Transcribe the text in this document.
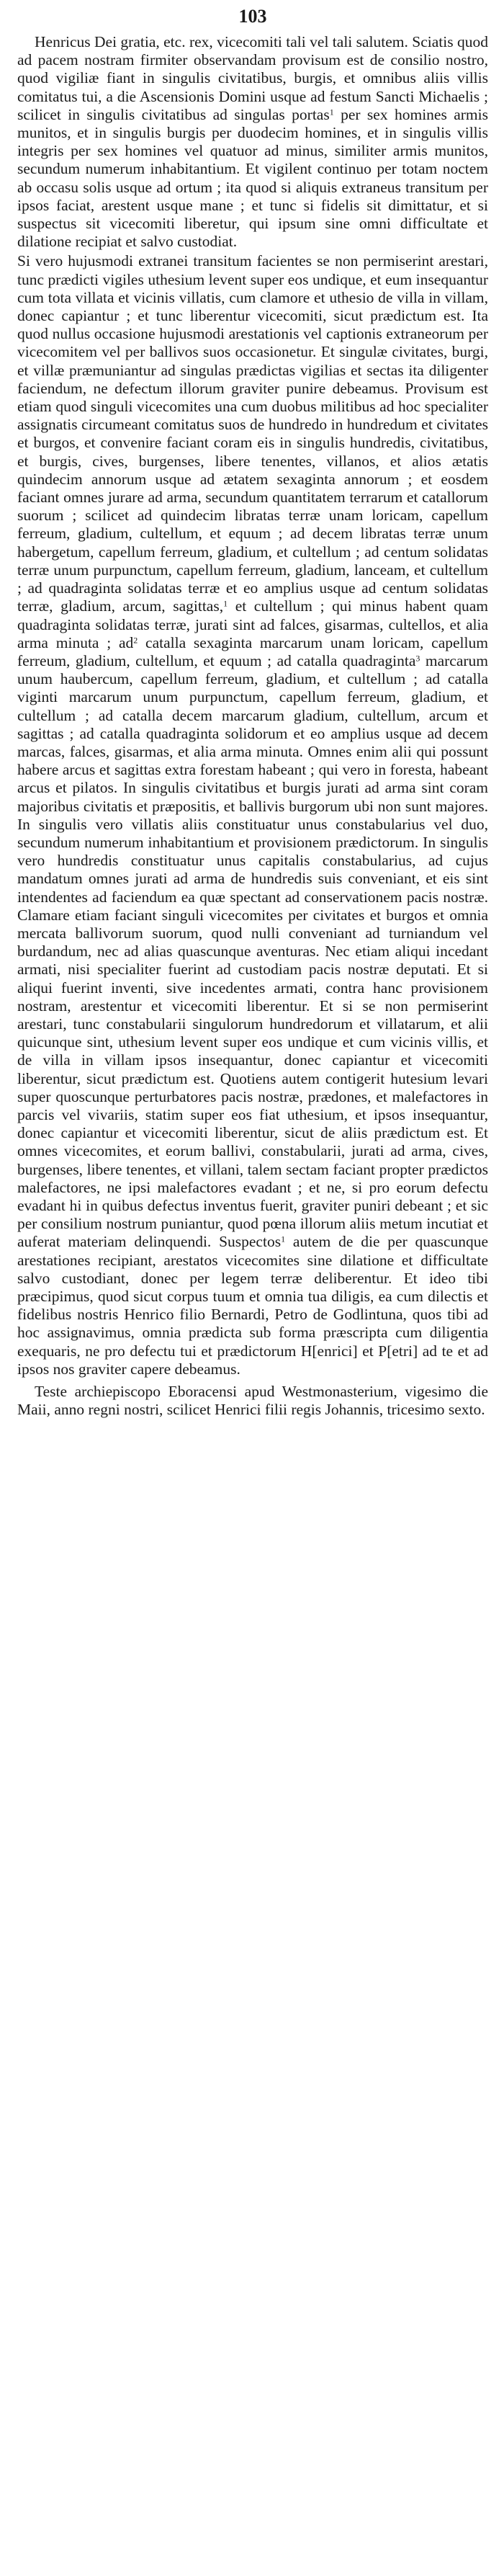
103

Henricus Dei gratia, etc. rex, vicecomiti tali vel tali salutem. Sciatis quod ad pacem nostram firmiter observandam provisum est de consilio nostro, quod vigiliæ fiant in singulis civitatibus, burgis, et omnibus aliis villis comitatus tui, a die Ascensionis Domini usque ad festum Sancti Michaelis ; scilicet in singulis civitatibus ad singulas portas$^1$ per sex homines armis munitos, et in singulis burgis per duodecim homines, et in singulis villis integris per sex homines vel quatuor ad minus, similiter armis munitos, secundum numerum inhabitantium. Et vigilent continuo per totam noctem ab occasu solis usque ad ortum ; ita quod si aliquis extraneus transitum per ipsos faciat, arestent usque mane ; et tunc si fidelis sit dimittatur, et si suspectus sit vicecomiti liberetur, qui ipsum sine omni difficultate et dilatione recipiat et salvo custodiat.

Si vero hujusmodi extranei transitum facientes se non permiserint arestari, tunc prædicti vigiles uthesium levent super eos undique, et eum insequantur cum tota villata et vicinis villatis, cum clamore et uthesio de villa in villam, donec capiantur ; et tunc liberentur vicecomiti, sicut prædictum est. Ita quod nullus occasione hujusmodi arestationis vel captionis extraneorum per vicecomitem vel per ballivos suos occasionetur. Et singulæ civitates, burgi, et villæ præmuniantur ad singulas prædictas vigilias et sectas ita diligenter faciendum, ne defectum illorum graviter punire debeamus. Provisum est etiam quod singuli vicecomites una cum duobus militibus ad hoc specialiter assignatis circumeant comitatus suos de hundredo in hundredum et civitates et burgos, et convenire faciant coram eis in singulis hundredis, civitatibus, et burgis, cives, burgenses, libere tenentes, villanos, et alios ætatis quindecim annorum usque ad ætatem sexaginta annorum ; et eosdem faciant omnes jurare ad arma, secundum quantitatem terrarum et catallorum suorum ; scilicet ad quindecim libratas terræ unam loricam, capellum ferreum, gladium, cultellum, et equum ; ad decem libratas terræ unum habergetum, capellum ferreum, gladium, et cultellum ; ad centum solidatas terræ unum purpunctum, capellum ferreum, gladium, lanceam, et cultellum ; ad quadraginta solidatas terræ et eo amplius usque ad centum solidatas terræ, gladium, arcum, sagittas,$^1$ et cultellum ; qui minus habent quam quadraginta solidatas terræ, jurati sint ad falces, gisarmas, cultellos, et alia arma minuta ; $ad^2$ catalla sexaginta marcarum unam loricam, capellum ferreum, gladium, cultellum, et equum ; ad catalla quadraginta$^3$ marcarum unum haubercum, capellum ferreum, gladium, et cultellum ; ad catalla viginti marcarum unum purpunctum, capellum ferreum, gladium, et cultellum ; ad catalla decem marcarum gladium, cultellum, arcum et sagittas ; ad catalla quadraginta solidorum et eo amplius usque ad decem marcas, falces, gisarmas, et alia arma minuta. Omnes enim alii qui possunt habere arcus et sagittas extra forestam habeant ; qui vero in foresta, habeant arcus et pilatos. In singulis civitatibus et burgis jurati ad arma sint coram majoribus civitatis et præpositis, et ballivis burgorum ubi non sunt majores. In singulis vero villatis aliis constituatur unus constabularius vel duo, secundum numerum inhabitantium et provisionem prædictorum. In singulis vero hundredis constituatur unus capitalis constabularius, ad cujus mandatum omnes jurati ad arma de hundredis suis conveniant, et eis sint intendentes ad faciendum ea quæ spectant ad conservationem pacis nostræ. Clamare etiam faciant singuli vicecomites per civitates et burgos et omnia mercata ballivorum suorum, quod nulli conveniant ad turniandum vel burdandum, nec ad alias quascunque aventuras. Nec etiam aliqui incedant armati, nisi specialiter fuerint ad custodiam pacis nostræ deputati. Et si aliqui fuerint inventi, sive incedentes armati, contra hanc provisionem nostram, arestentur et vicecomiti liberentur. Et si se non permiserint arestari, tunc constabularii singulorum hundredorum et villatarum, et alii quicunque sint, uthesium levent super eos undique et cum vicinis villis, et de villa in villam ipsos insequantur, donec capiantur et vicecomiti liberentur, sicut prædictum est. Quotiens autem contigerit hutesium levari super quoscunque perturbatores pacis nostræ, prædones, et malefactores in parcis vel vivariis, statim super eos fiat uthesium, et ipsos insequantur, donec capiantur et vicecomiti liberentur, sicut de aliis prædictum est. Et omnes vicecomites, et eorum ballivi, constabularii, jurati ad arma, cives, burgenses, libere tenentes, et villani, talem sectam faciant propter prædictos malefactores, ne ipsi malefactores evadant ; et ne, si pro eorum defectu evadant hi in quibus defectus inventus fuerit, graviter puniri debeant ; et sic per consilium nostrum puniantur, quod pœna illorum aliis metum incutiat et auferat materiam delinquendi. Suspectos$^1$ autem de die per quascunque arestationes recipiant, arestatos vicecomites sine dilatione et difficultate salvo custodiant, donec per legem terræ deliberentur. Et ideo tibi præcipimus, quod sicut corpus tuum et omnia tua diligis, ea cum dilectis et fidelibus nostris Henrico filio Bernardi, Petro de Godlintuna, quos tibi ad hoc assignavimus, omnia prædicta sub forma præscripta cum diligentia exequaris, ne pro defectu tui et prædictorum H[enrici] et P[etri] ad te et ad ipsos nos graviter capere debeamus.

Teste archiepiscopo Eboracensi apud Westmonasterium, vigesimo die Maii, anno regni nostri, scilicet Henrici filii regis Johannis, tricesimo sexto.
